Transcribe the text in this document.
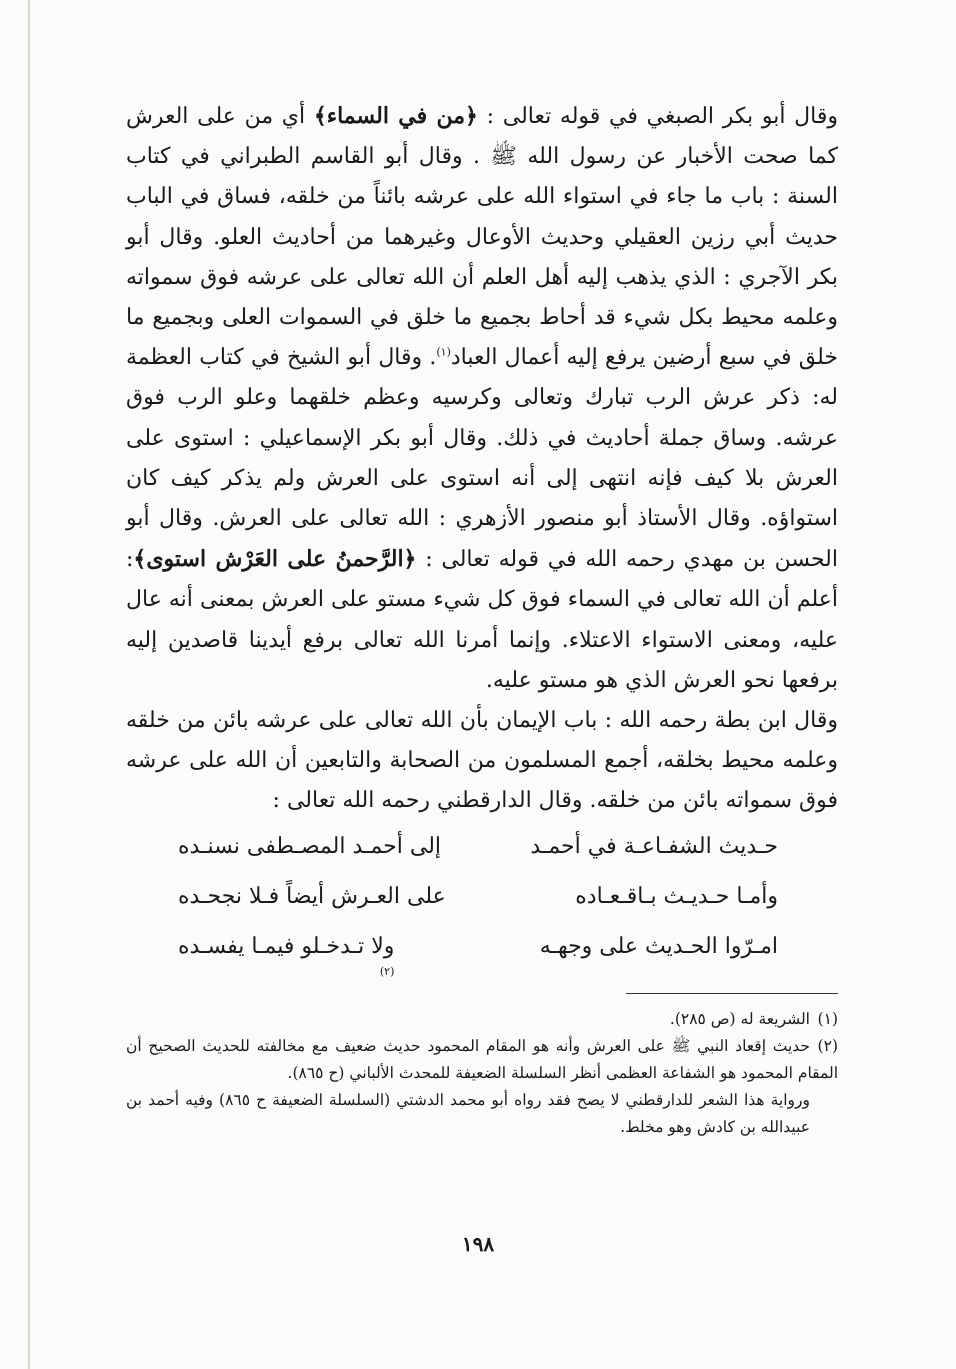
وقال أبو بكر الصبغي في قوله تعالى : ﴿من في السماء﴾ أي من على العرش كما صحت الأخبار عن رسول الله ﷺ . وقال أبو القاسم الطبراني في كتاب السنة : باب ما جاء في استواء الله على عرشه بائناً من خلقه، فساق في الباب حديث أبي رزين العقيلي وحديث الأوعال وغيرهما من أحاديث العلو. وقال أبو بكر الآجري : الذي يذهب إليه أهل العلم أن الله تعالى على عرشه فوق سمواته وعلمه محيط بكل شيء قد أحاط بجميع ما خلق في السموات العلى وبجميع ما خلق في سبع أرضين يرفع إليه أعمال العباد$^{(١)}$. وقال أبو الشيخ في كتاب العظمة له: ذكر عرش الرب تبارك وتعالى وكرسيه وعظم خلقهما وعلو الرب فوق عرشه. وساق جملة أحاديث في ذلك. وقال أبو بكر الإسماعيلي : استوى على العرش بلا كيف فإنه انتهى إلى أنه استوى على العرش ولم يذكر كيف كان استواؤه. وقال الأستاذ أبو منصور الأزهري : الله تعالى على العرش. وقال أبو الحسن بن مهدي رحمه الله في قوله تعالى : ﴿الرَّحمنُ على العَرْش استوى﴾: أعلم أن الله تعالى في السماء فوق كل شيء مستو على العرش بمعنى أنه عال عليه، ومعنى الاستواء الاعتلاء. وإنما أمرنا الله تعالى برفع أيدينا قاصدين إليه برفعها نحو العرش الذي هو مستو عليه.

وقال ابن بطة رحمه الله : باب الإيمان بأن الله تعالى على عرشه بائن من خلقه وعلمه محيط بخلقه، أجمع المسلمون من الصحابة والتابعين أن الله على عرشه فوق سمواته بائن من خلقه. وقال الدارقطني رحمه الله تعالى :

حـديث الشفـاعـة في أحمـد
إلى أحمـد المصـطفى نسنـده
وأمـا حـديـث بـاقـعـاده
على العـرش أيضاً فـلا نجحـده
امـرّوا الحـديث على وجهـه
ولا تـدخـلو فيمـا يفسـده
(٢)

(١)الشريعة له (ص ٢٨٥).

(٢)حديث إقعاد النبي ﷺ على العرش وأنه هو المقام المحمود حديث ضعيف مع مخالفته للحديث الصحيح أن المقام المحمود هو الشفاعة العظمى أنظر السلسلة الضعيفة للمحدث الألباني (ح ٨٦٥).

ورواية هذا الشعر للدارقطني لا يصح فقد رواه أبو محمد الدشتي (السلسلة الضعيفة ح ٨٦٥) وفيه أحمد بن عبيدالله بن كادش وهو مخلط.

١٩٨
